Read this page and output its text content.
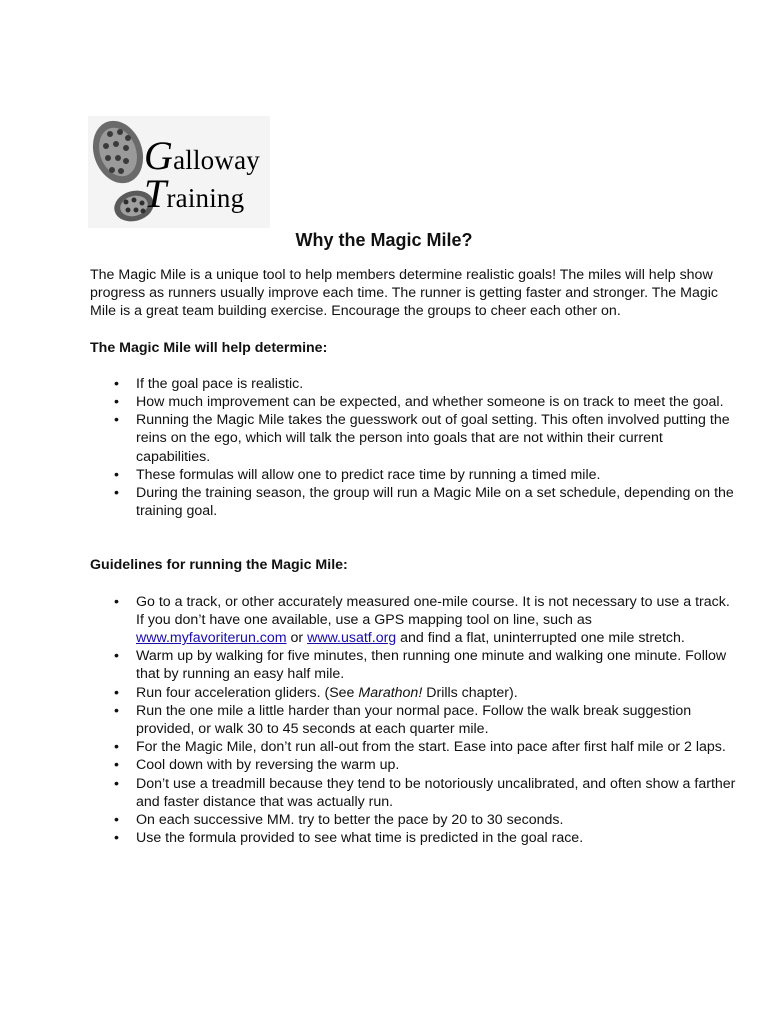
Galloway
Training
Why the Magic Mile?

The Magic Mile is a unique tool to help members determine realistic goals! The miles will help show progress as runners usually improve each time. The runner is getting faster and stronger. The Magic Mile is a great team building exercise. Encourage the groups to cheer each other on.

The Magic Mile will help determine:

• If the goal pace is realistic.
• How much improvement can be expected, and whether someone is on track to meet the goal.
• Running the Magic Mile takes the guesswork out of goal setting. This often involved putting the reins on the ego, which will talk the person into goals that are not within their current capabilities.
• These formulas will allow one to predict race time by running a timed mile.
• During the training season, the group will run a Magic Mile on a set schedule, depending on the training goal.

Guidelines for running the Magic Mile:

• Go to a track, or other accurately measured one-mile course. It is not necessary to use a track. If you don’t have one available, use a GPS mapping tool on line, such as www.myfavoriterun.com or www.usatf.org and find a flat, uninterrupted one mile stretch.
• Warm up by walking for five minutes, then running one minute and walking one minute. Follow that by running an easy half mile.
• Run four acceleration gliders. (See Marathon! Drills chapter).
• Run the one mile a little harder than your normal pace. Follow the walk break suggestion provided, or walk 30 to 45 seconds at each quarter mile.
• For the Magic Mile, don’t run all-out from the start. Ease into pace after first half mile or 2 laps.
• Cool down with by reversing the warm up.
• Don’t use a treadmill because they tend to be notoriously uncalibrated, and often show a farther and faster distance that was actually run.
• On each successive MM. try to better the pace by 20 to 30 seconds.
• Use the formula provided to see what time is predicted in the goal race.
